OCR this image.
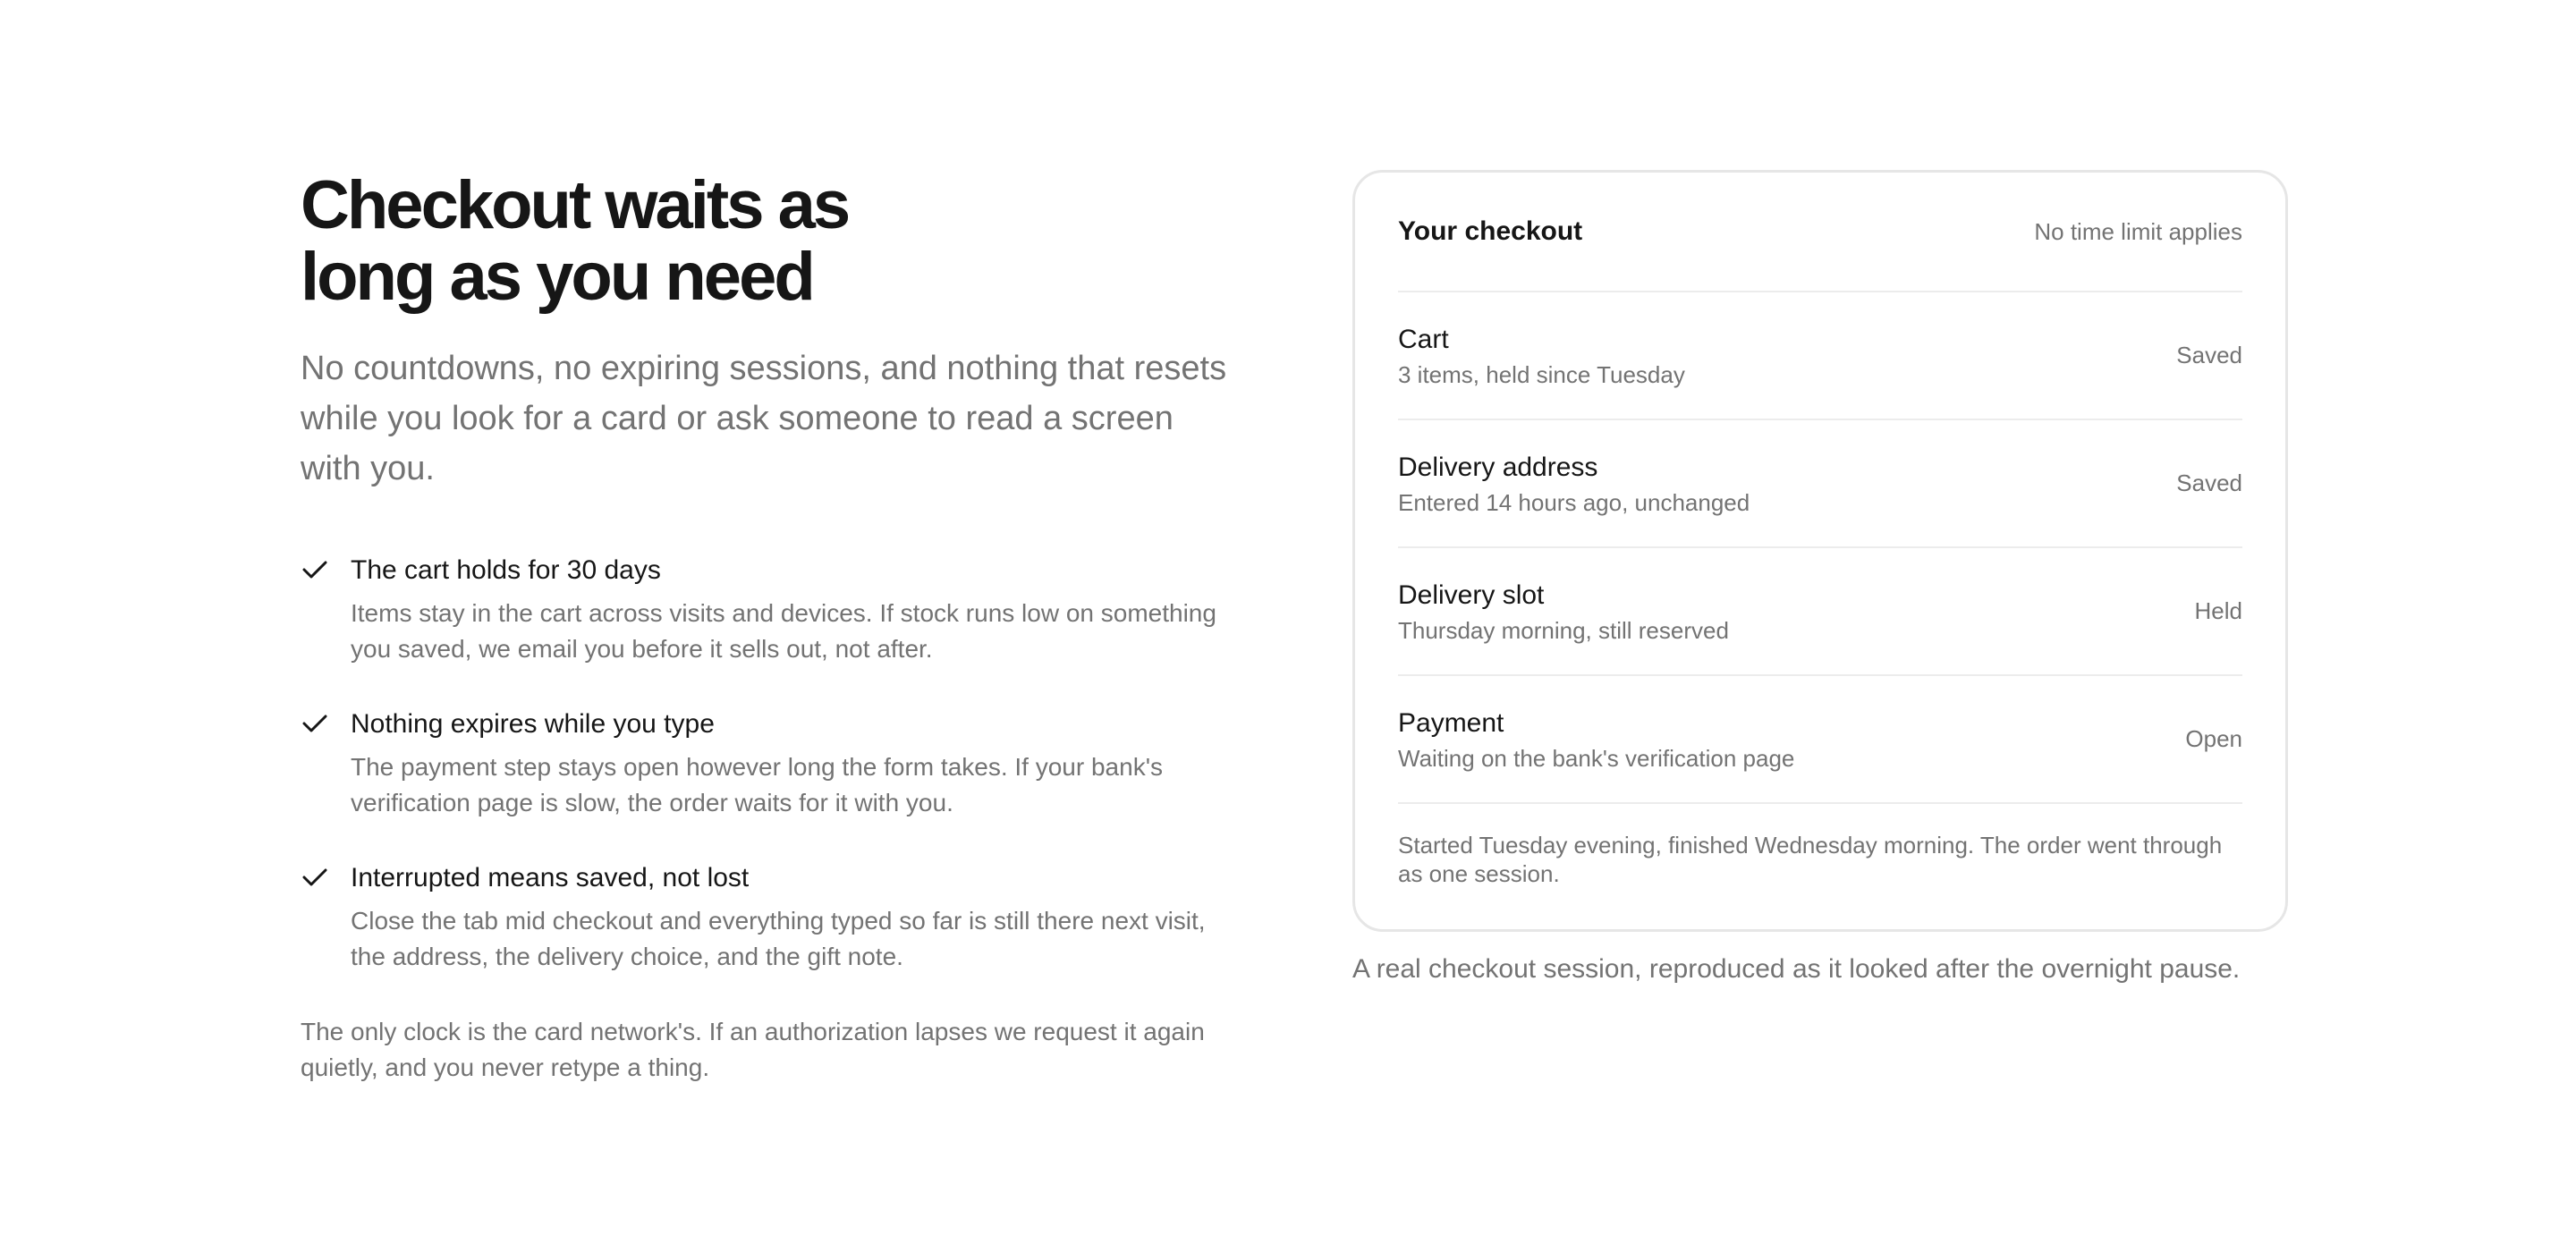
Checkout waits as
long as you need

No countdowns, no expiring sessions, and nothing that resets while you look for a card or ask someone to read a screen with you.

The cart holds for 30 days
Items stay in the cart across visits and devices. If stock runs low on something you saved, we email you before it sells out, not after.
Nothing expires while you type
The payment step stays open however long the form takes. If your bank's verification page is slow, the order waits for it with you.
Interrupted means saved, not lost
Close the tab mid checkout and everything typed so far is still there next visit, the address, the delivery choice, and the gift note.

The only clock is the card network's. If an authorization lapses we request it again quietly, and you never retype a thing.

Your checkout	No time limit applies
Cart
3 items, held since Tuesday
Saved
Delivery address
Entered 14 hours ago, unchanged
Saved
Delivery slot
Thursday morning, still reserved
Held
Payment
Waiting on the bank's verification page
Open

Started Tuesday evening, finished Wednesday morning. The order went through as one session.

A real checkout session, reproduced as it looked after the overnight pause.
